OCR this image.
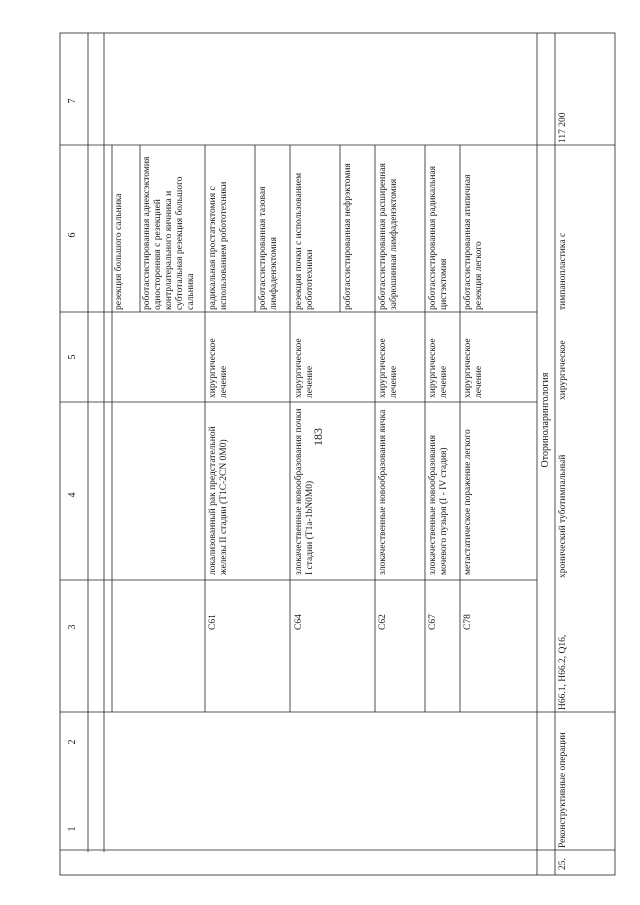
183
1
2
3
4
5
6
7
резекция большого сальника роботассистированная аднексэктомия односторонняя с резекцией контрлатерального яичника и субтотальная резекция большого сальника
C61
локализованный рак предстательной железы II стадии (T1C-2CN 0M0)
хирургическое лечение
радикальная простатэктомия с использованием робототехники	роботассистированная тазовая лимфаденэктомия
C64
злокачественные новообразования почки I стадии (T1a-1bN0M0)
хирургическое лечение
резекция почки с использованием робототехники	роботассистированная нефрэктомия
C62
злокачественные новообразования яичка
хирургическое лечение
роботассистированная расширенная забрюшинная лимфаденэктомия
C67
злокачественные новообразования мочевого пузыря (I - IV стадия)
хирургическое лечение
роботассистированная радикальная цистэктомия
C78
метастатическое поражение легкого
хирургическое лечение
роботассистированная атипичная резекция легкого
Оториноларингология
25.
Реконструктивные операции
H66.1, H66.2, Q16,
хронический туботимпальный
хирургическое
тимпанопластика с
117 200
